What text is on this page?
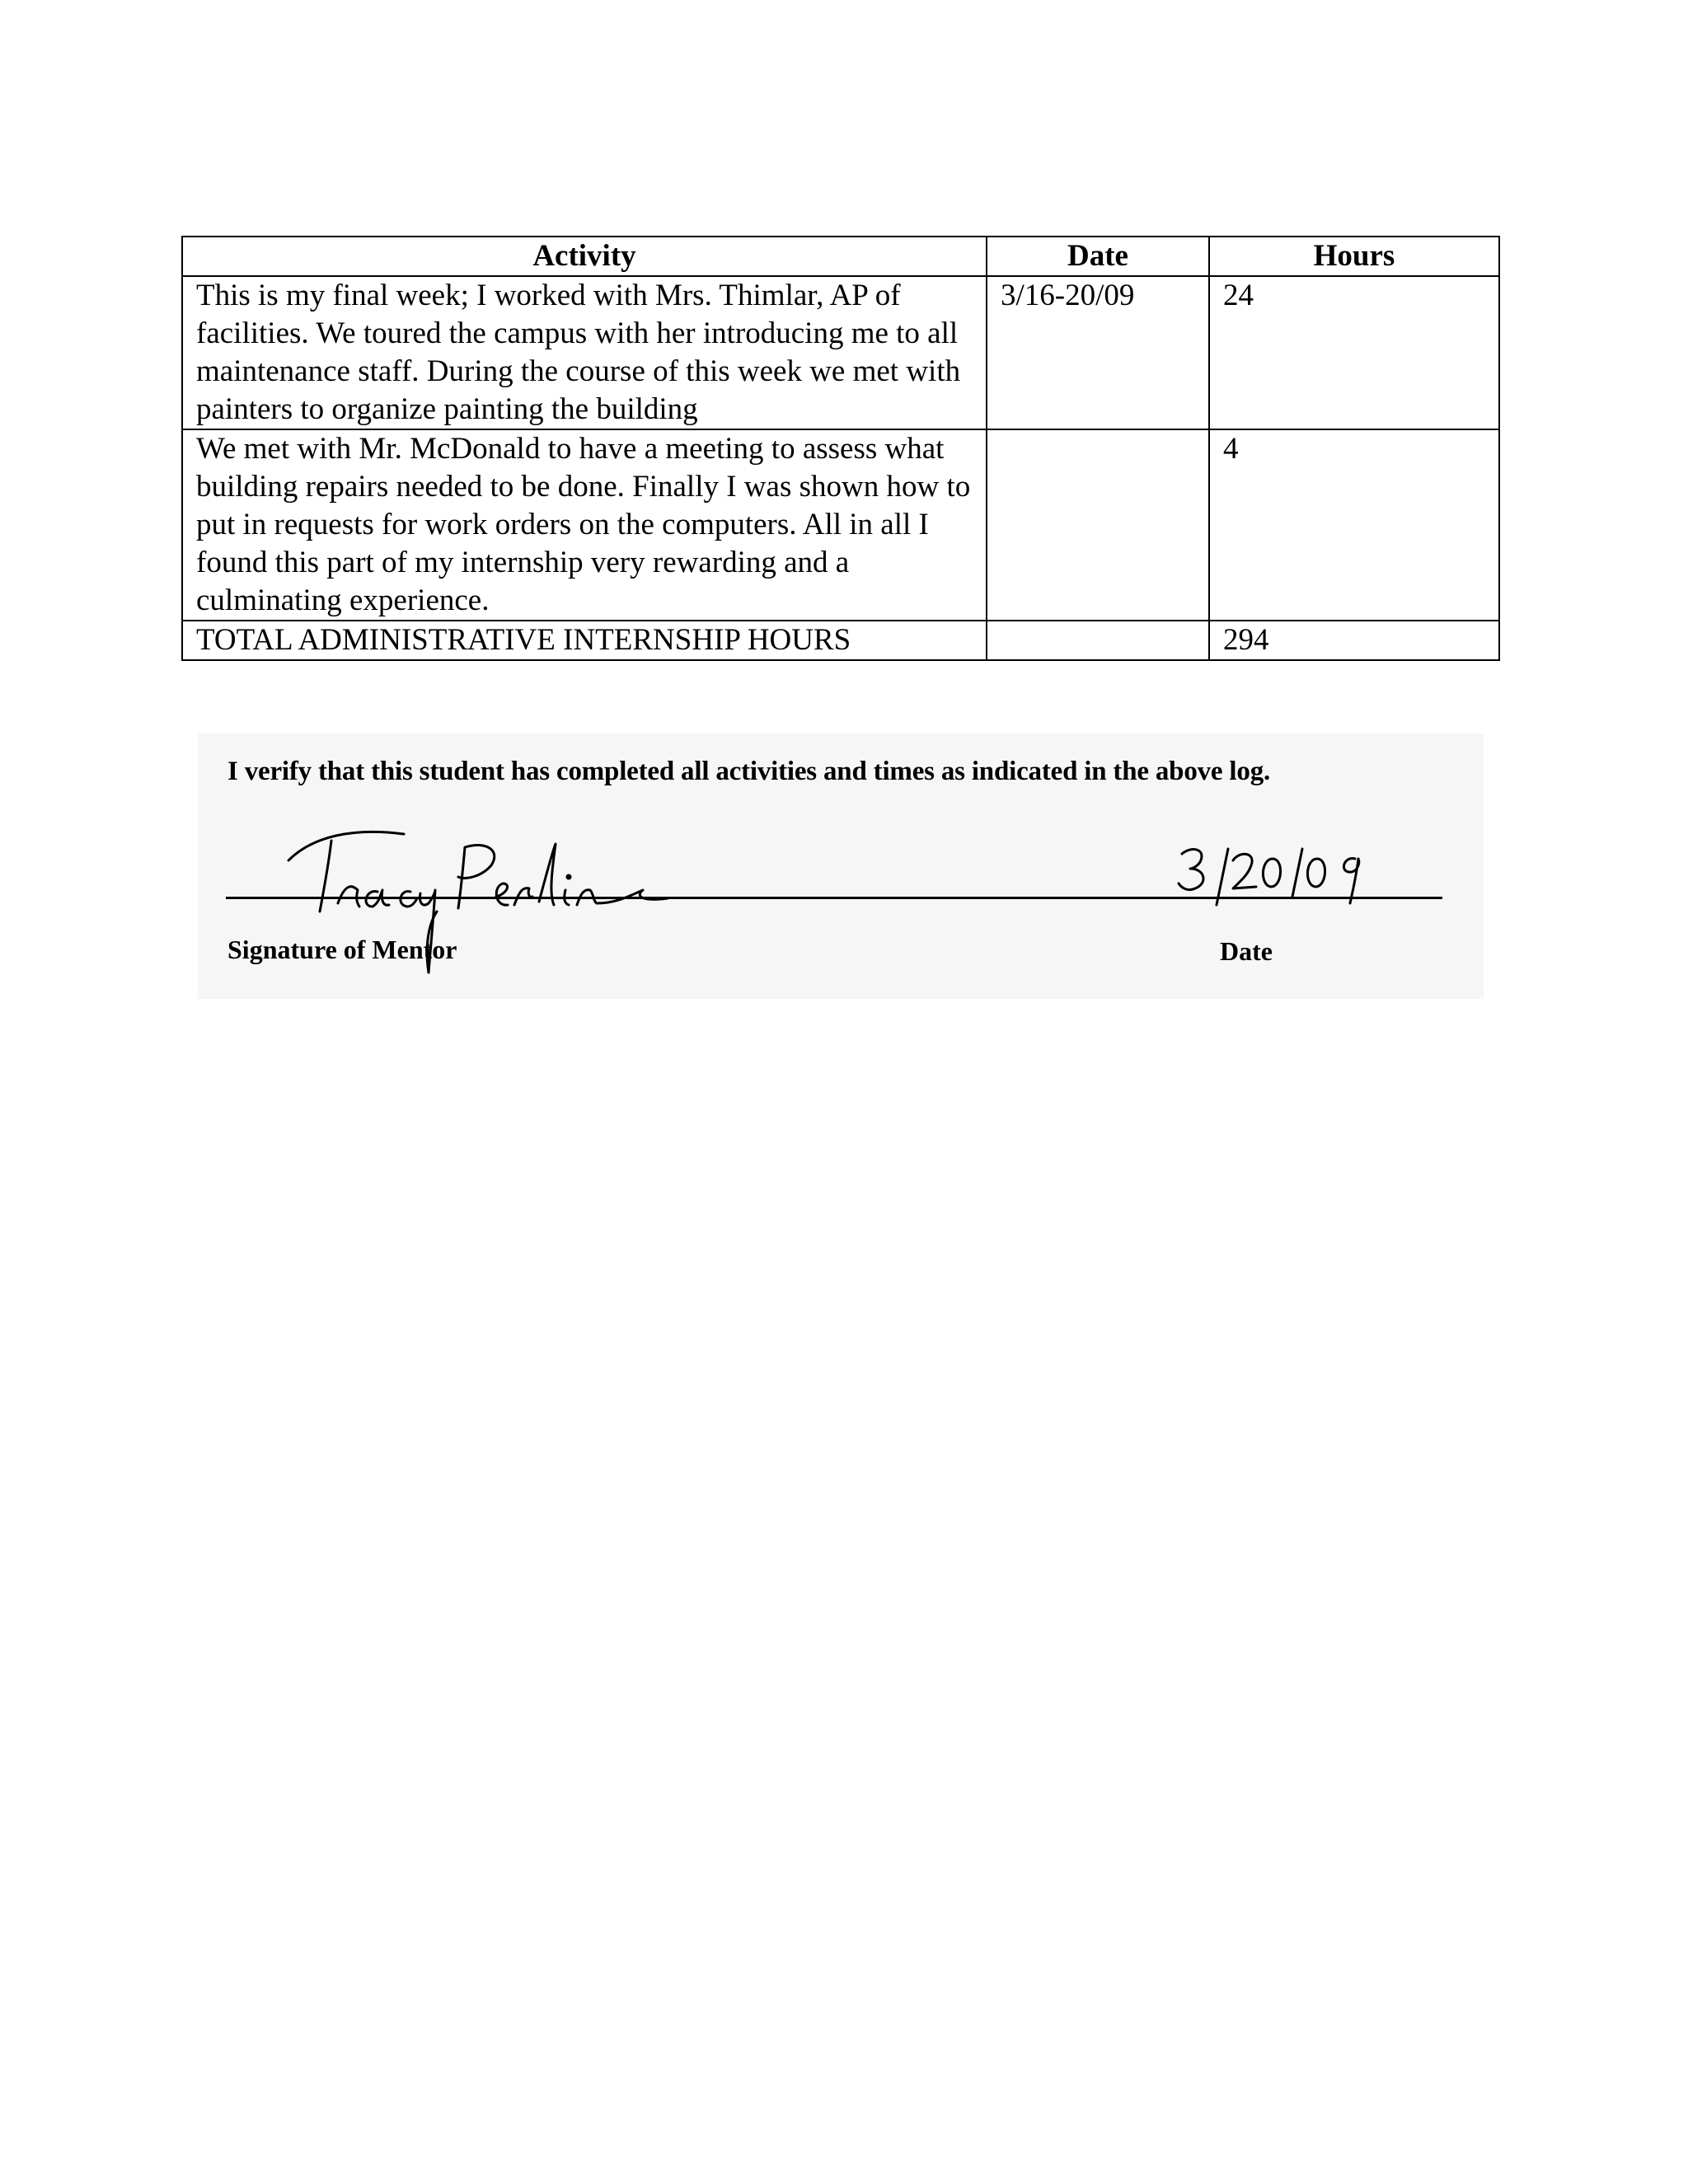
Activity	Date	Hours
This is my final week; I worked with Mrs. Thimlar, AP of facilities. We toured the campus with her introducing me to all maintenance staff. During the course of this week we met with painters to organize painting the building	3/16-20/09	24
We met with Mr. McDonald to have a meeting to assess what building repairs needed to be done. Finally I was shown how to put in requests for work orders on the computers. All in all I found this part of my internship very rewarding and a culminating experience.		4
TOTAL ADMINISTRATIVE INTERNSHIP HOURS		294
I verify that this student has completed all activities and times as indicated in the above log.
Signature of Mentor	Date
